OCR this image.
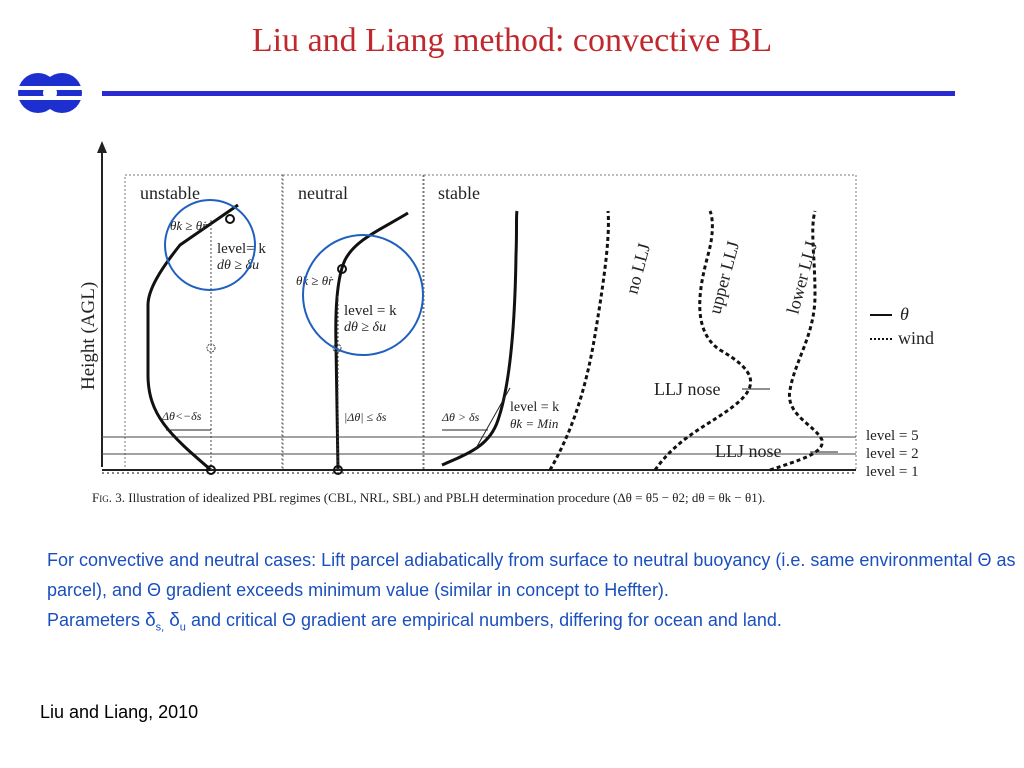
Liu and Liang method: convective BL
Height (AGL)
unstable	neutral	stable
θ̇k ≥ θ̇r
level= k
dθ ≥ δu
Δθ<−δs
θ̇k ≥ θ̇r
level = k
dθ ≥ δu
|Δθ| ≤ δs	Δθ > δs
level = k
θ̇k = Min
no LLJ	upper LLJ lower LLJ
LLJ nose
LLJ nose
θ
wind
level = 5
level = 2
level = 1
Fig. 3. Illustration of idealized PBL regimes (CBL, NRL, SBL) and PBLH determination procedure (Δθ = θ5 − θ2; dθ = θk − θ1).

For convective and neutral cases: Lift parcel adiabatically from surface to neutral buoyancy (i.e. same environmental Θ as parcel), and Θ gradient exceeds minimum value (similar in concept to Heffter).

Parameters $\delta_{s,}$ $\delta_u$ and critical Θ gradient are empirical numbers, differing for ocean and land.

Liu and Liang, 2010
